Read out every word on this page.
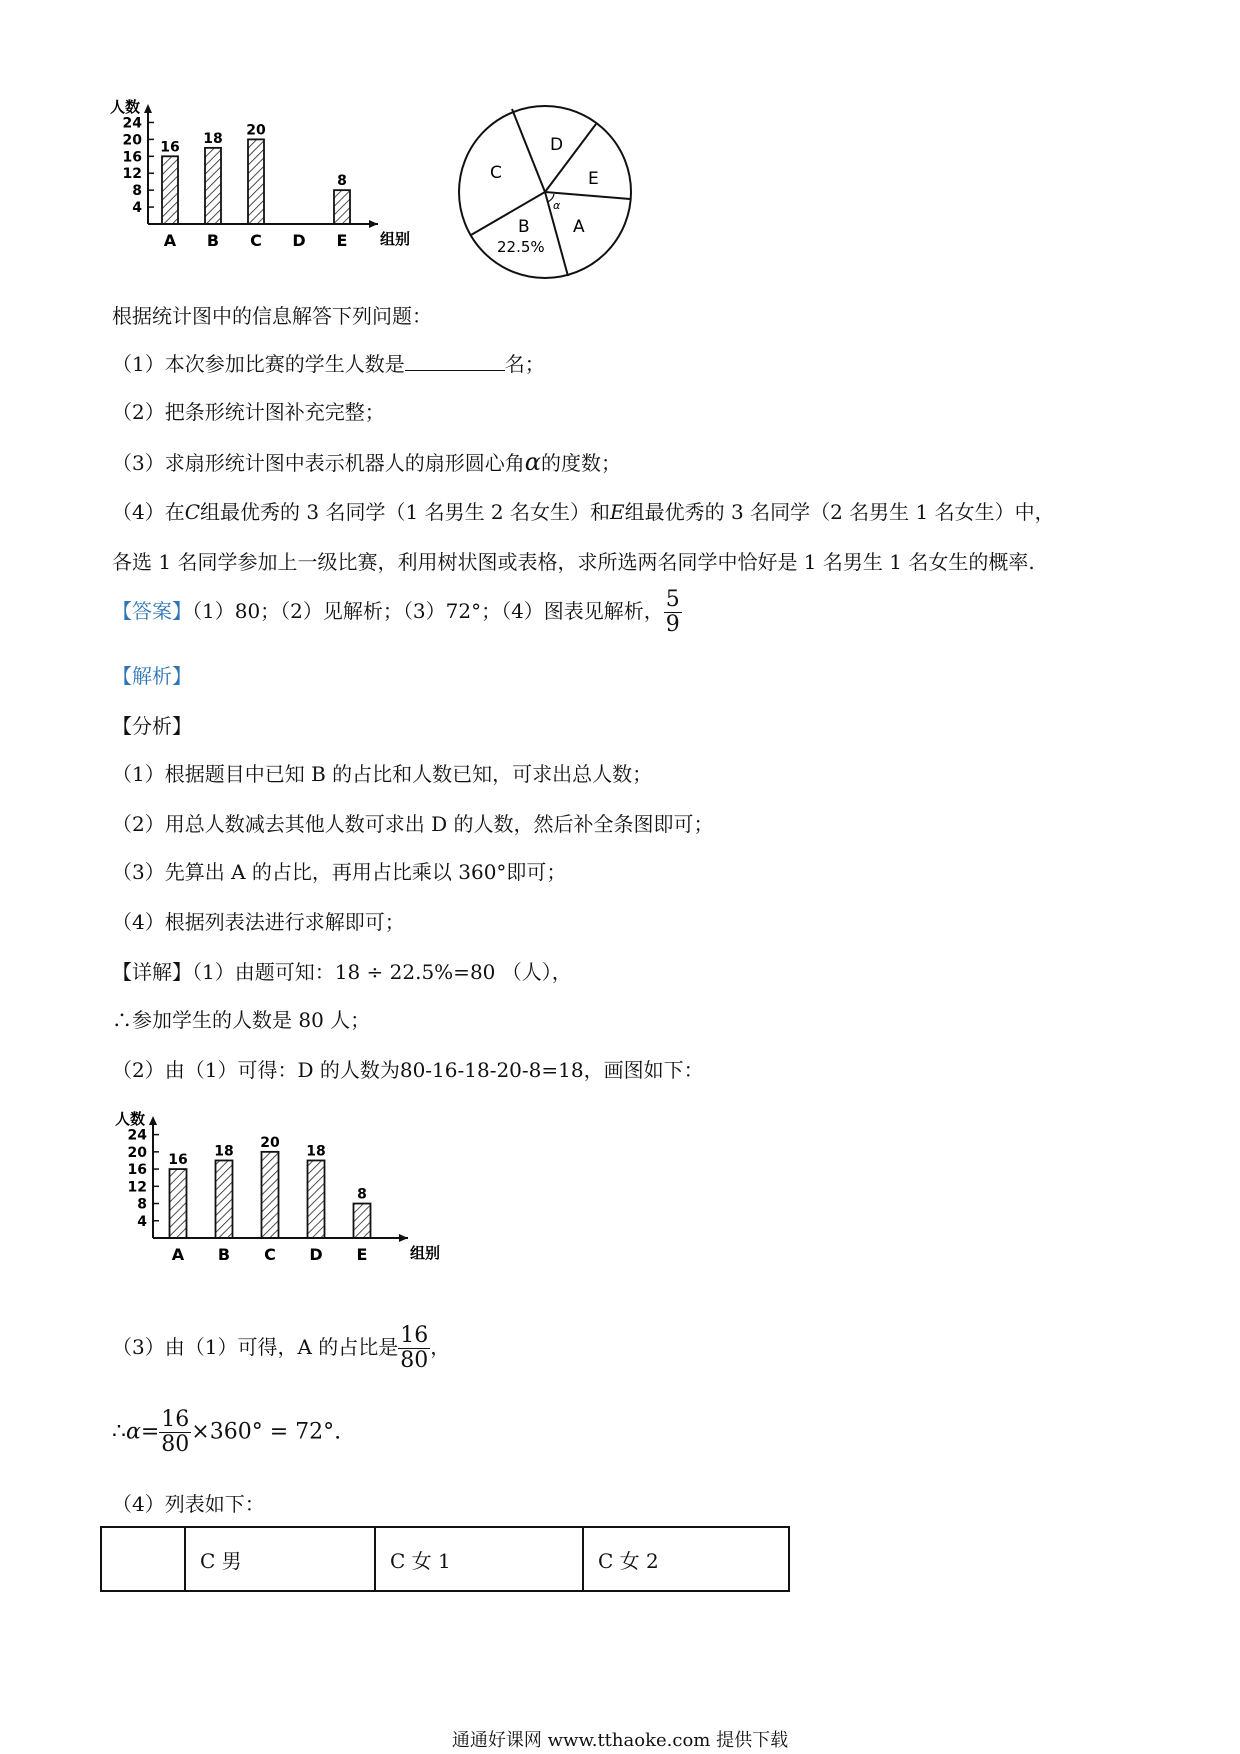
人数
组别
4
8
12
16
20
24
A
16
B
18
C
20
D E
8	C
D
E
A
B
22.5%
α
根据统计图中的信息解答下列问题：
（1）本次参加比赛的学生人数是	名；
（2）把条形统计图补充完整；
（3）求扇形统计图中表示机器人的扇形圆心角α的度数；
（4）在C组最优秀的 3 名同学（1 名男生 2 名女生）和E组最优秀的 3 名同学（2 名男生 1 名女生）中，
各选 1 名同学参加上一级比赛，利用树状图或表格，求所选两名同学中恰好是 1 名男生 1 名女生的概率.
【答案】（1）80；（2）见解析；（3）72°；（4）图表见解析， $\frac{5}{9}$
【解析】
【分析】
（1）根据题目中已知 B 的占比和人数已知，可求出总人数；
（2）用总人数减去其他人数可求出 D 的人数，然后补全条图即可；
（3）先算出 A 的占比，再用占比乘以 360°即可；
（4）根据列表法进行求解即可；
【详解】（1）由题可知：18 ÷ 22.5%=80 （人），
∴参加学生的人数是 80 人；
（2）由（1）可得：D 的人数为80-16-18-20-8=18，画图如下：
人数
组别
4
8
12
16
20
24
A
16
B
18
C
20
D
18
E
8
（3）由（1）可得，A 的占比是 $\frac{16}{80}$ ，
∴α= $\frac{16}{80} \times 360^\circ = 72^\circ$.
（4）列表如下：
	C 男	C 女 1	C 女 2
通通好课网 www.tthaoke.com 提供下载
